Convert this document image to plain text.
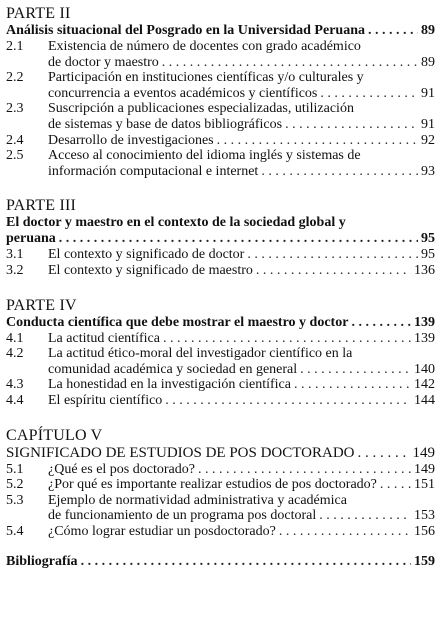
PARTE II
Análisis situacional del Posgrado en la Universidad Peruana . . .	89
2.1	Existencia de número de docentes con grado académico
de doctor y maestro . . .	89
2.2	Participación en instituciones científicas y/o culturales y
concurrencia a eventos académicos y científicos . . .	91
2.3	Suscripción a publicaciones especializadas, utilización
de sistemas y base de datos bibliográficos . . .	91
2.4	Desarrollo de investigaciones . . .	92
2.5	Acceso al conocimiento del idioma inglés y sistemas de
información computacional e internet . . .	93
PARTE III
El doctor y maestro en el contexto de la sociedad global y
peruana . . .	95
3.1	El contexto y significado de doctor . . .	95
3.2	El contexto y significado de maestro . . .	136
PARTE IV
Conducta científica que debe mostrar el maestro y doctor . . .	139
4.1	La actitud científica . . .	139
4.2	La actitud ético-moral del investigador científico en la
comunidad académica y sociedad en general . . .	140
4.3	La honestidad en la investigación científica . . .	142
4.4	El espíritu científico . . .	144
CAPÍTULO V
SIGNIFICADO DE ESTUDIOS DE POS DOCTORADO . . .	149
5.1	¿Qué es el pos doctorado? . . .	149
5.2	¿Por qué es importante realizar estudios de pos doctorado? . . .	151
5.3	Ejemplo de normatividad administrativa y académica
de funcionamiento de un programa pos doctoral . . .	153
5.4	¿Cómo lograr estudiar un posdoctorado? . . .	156
Bibliografía . . .	159
